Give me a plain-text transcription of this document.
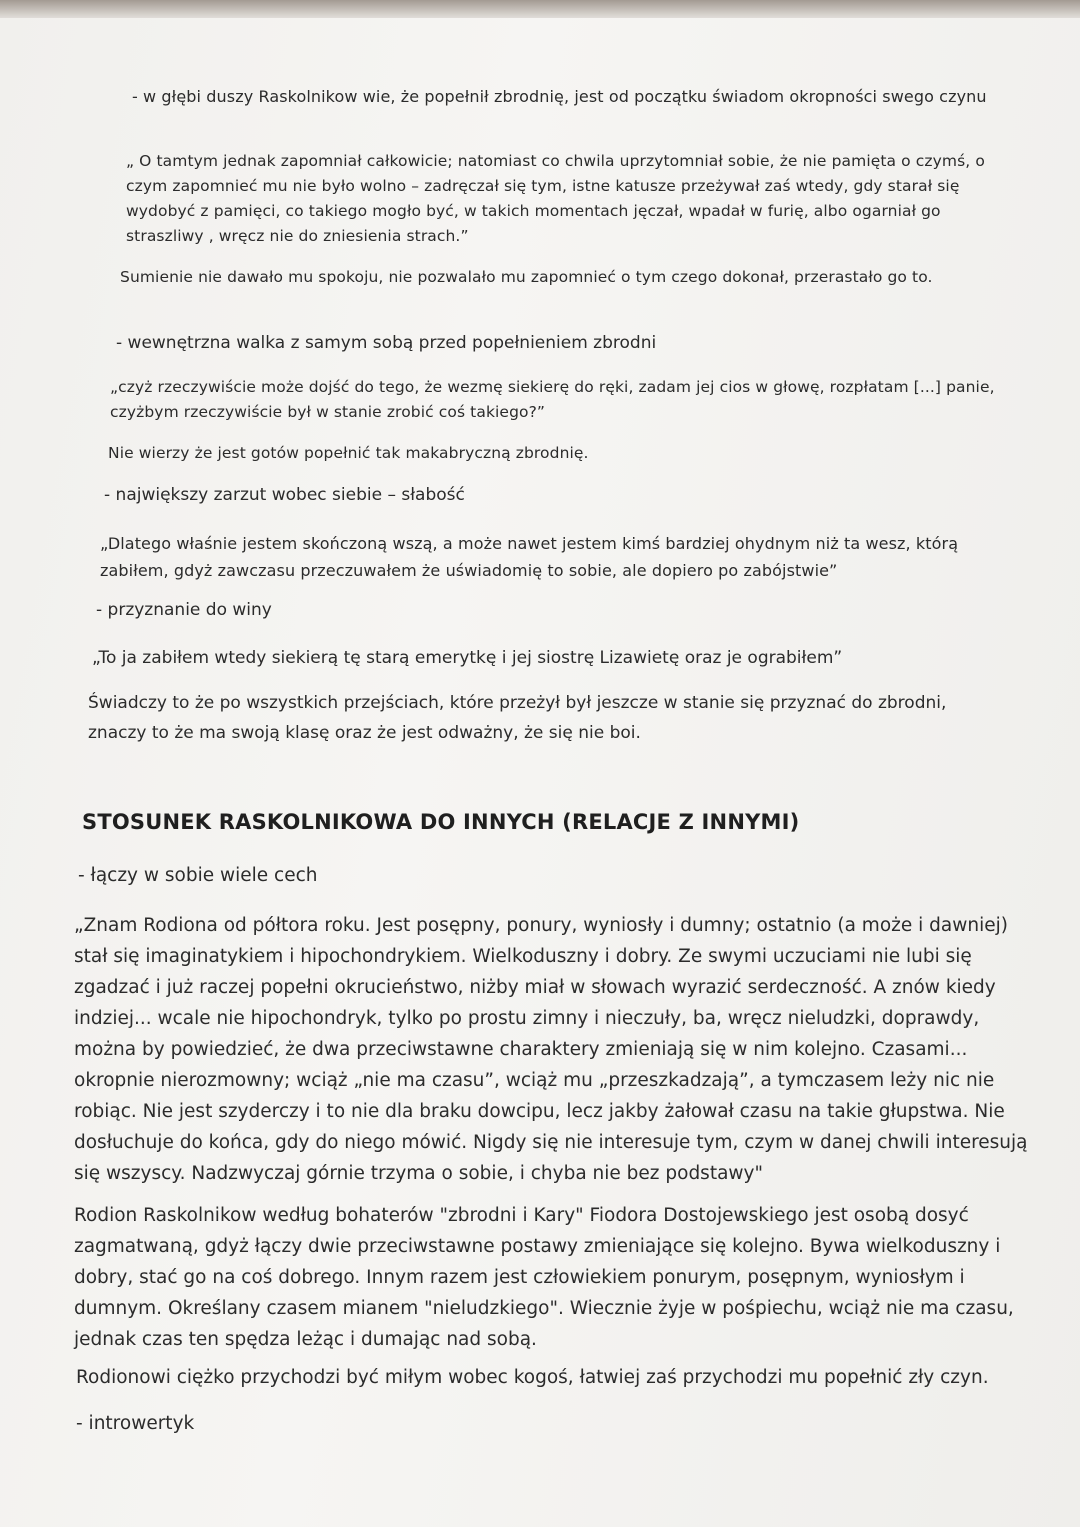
- w głębi duszy Raskolnikow wie, że popełnił zbrodnię, jest od początku świadom okropności swego czynu

„ O tamtym jednak zapomniał całkowicie; natomiast co chwila uprzytomniał sobie, że nie pamięta o czymś, o czym zapomnieć mu nie było wolno – zadręczał się tym, istne katusze przeżywał zaś wtedy, gdy starał się wydobyć z pamięci, co takiego mogło być, w takich momentach jęczał, wpadał w furię, albo ogarniał go straszliwy , wręcz nie do zniesienia strach.”

Sumienie nie dawało mu spokoju, nie pozwalało mu zapomnieć o tym czego dokonał, przerastało go to.

- wewnętrzna walka z samym sobą przed popełnieniem zbrodni

„czyż rzeczywiście może dojść do tego, że wezmę siekierę do ręki, zadam jej cios w głowę, rozpłatam [...] panie, czyżbym rzeczywiście był w stanie zrobić coś takiego?”

Nie wierzy że jest gotów popełnić tak makabryczną zbrodnię.

- największy zarzut wobec siebie – słabość

„Dlatego właśnie jestem skończoną wszą, a może nawet jestem kimś bardziej ohydnym niż ta wesz, którą zabiłem, gdyż zawczasu przeczuwałem że uświadomię to sobie, ale dopiero po zabójstwie”

- przyznanie do winy

„To ja zabiłem wtedy siekierą tę starą emerytkę i jej siostrę Lizawietę oraz je ograbiłem”

Świadczy to że po wszystkich przejściach, które przeżył był jeszcze w stanie się przyznać do zbrodni, znaczy to że ma swoją klasę oraz że jest odważny, że się nie boi.

STOSUNEK RASKOLNIKOWA DO INNYCH (RELACJE Z INNYMI)

- łączy w sobie wiele cech

„Znam Rodiona od półtora roku. Jest posępny, ponury, wyniosły i dumny; ostatnio (a może i dawniej) stał się imaginatykiem i hipochondrykiem. Wielkoduszny i dobry. Ze swymi uczuciami nie lubi się zgadzać i już raczej popełni okrucieństwo, niżby miał w słowach wyrazić serdeczność. A znów kiedy indziej... wcale nie hipochondryk, tylko po prostu zimny i nieczuły, ba, wręcz nieludzki, doprawdy, można by powiedzieć, że dwa przeciwstawne charaktery zmieniają się w nim kolejno. Czasami... okropnie nierozmowny; wciąż „nie ma czasu”, wciąż mu „przeszkadzają”, a tymczasem leży nic nie robiąc. Nie jest szyderczy i to nie dla braku dowcipu, lecz jakby żałował czasu na takie głupstwa. Nie dosłuchuje do końca, gdy do niego mówić. Nigdy się nie interesuje tym, czym w danej chwili interesują się wszyscy. Nadzwyczaj górnie trzyma o sobie, i chyba nie bez podstawy"

Rodion Raskolnikow według bohaterów "zbrodni i Kary" Fiodora Dostojewskiego jest osobą dosyć zagmatwaną, gdyż łączy dwie przeciwstawne postawy zmieniające się kolejno. Bywa wielkoduszny i dobry, stać go na coś dobrego. Innym razem jest człowiekiem ponurym, posępnym, wyniosłym i dumnym. Określany czasem mianem "nieludzkiego". Wiecznie żyje w pośpiechu, wciąż nie ma czasu, jednak czas ten spędza leżąc i dumając nad sobą.

Rodionowi ciężko przychodzi być miłym wobec kogoś, łatwiej zaś przychodzi mu popełnić zły czyn.

- introwertyk
